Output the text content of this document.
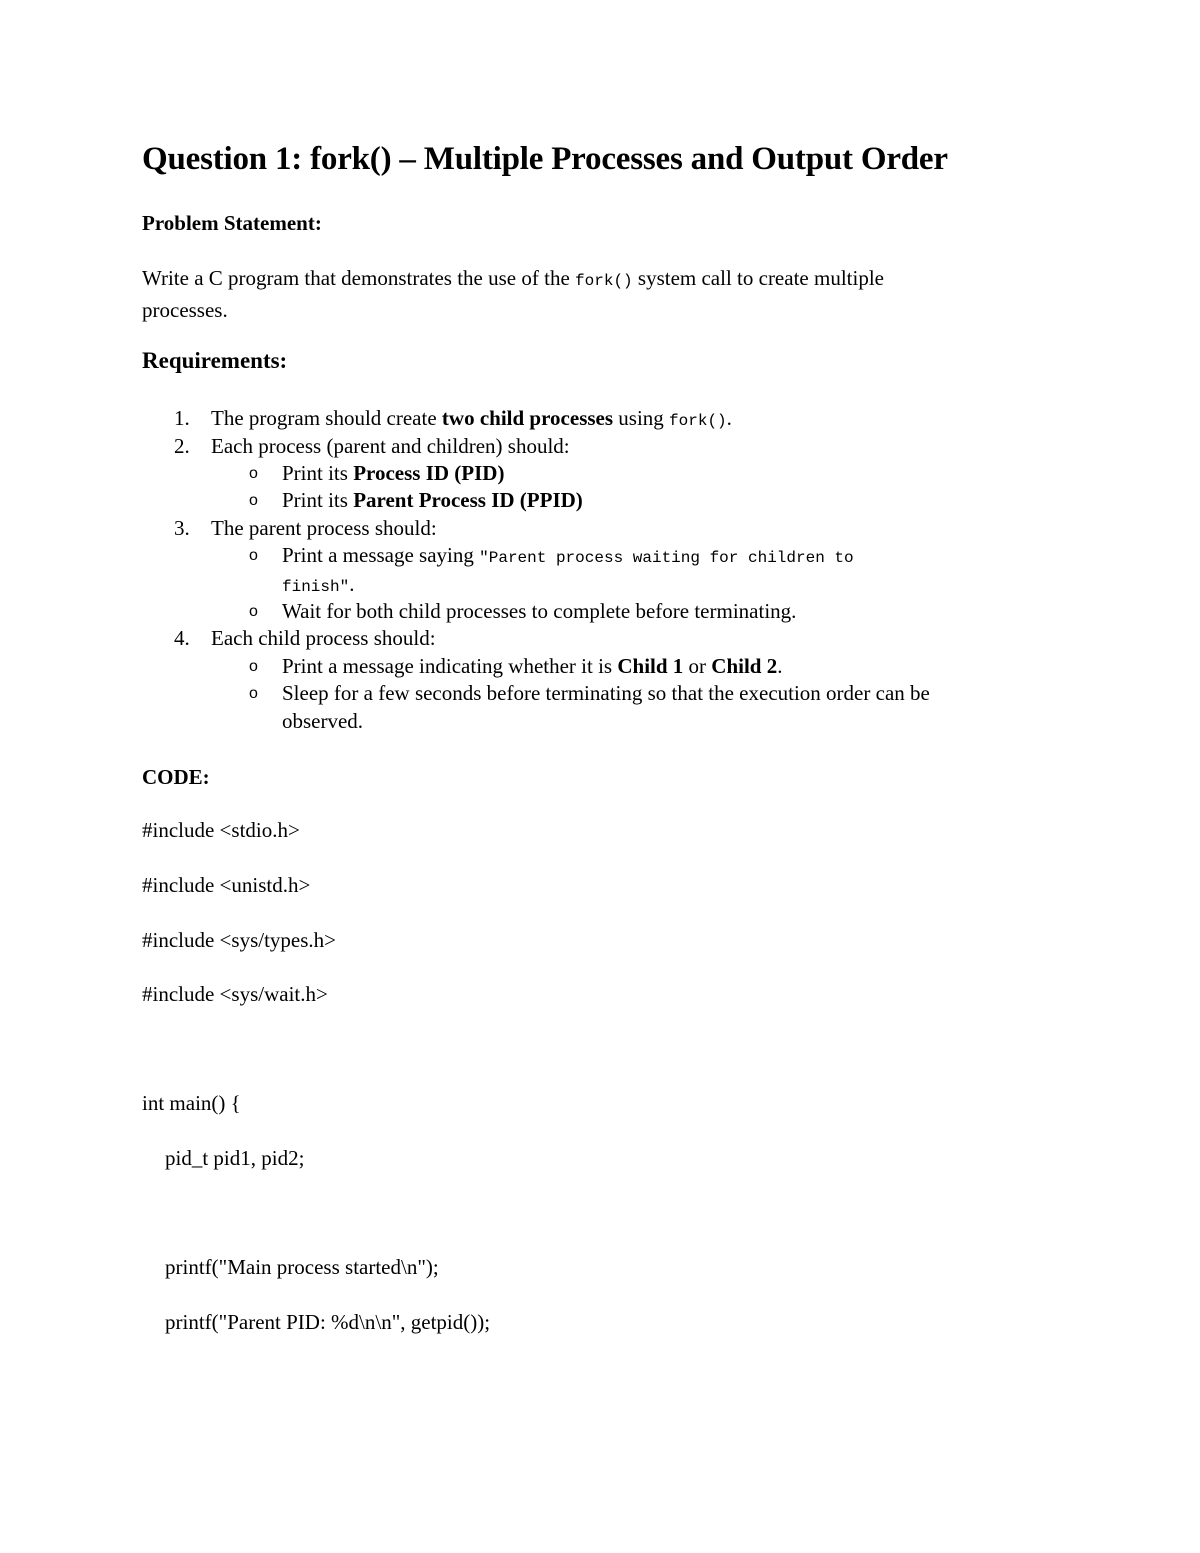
Question 1: fork() – Multiple Processes and Output Order

Problem Statement:

Write a C program that demonstrates the use of the fork() system call to create multiple
processes.

Requirements:
1. The program should create two child processes using fork().
2. Each process (parent and children) should:
o Print its Process ID (PID)
o Print its Parent Process ID (PPID)
3. The parent process should:
o Print a message saying "Parent process waiting for children to
finish".
o Wait for both child processes to complete before terminating.
4. Each child process should:
o Print a message indicating whether it is Child 1 or Child 2.
o Sleep for a few seconds before terminating so that the execution order can be
observed.
CODE:
#include <stdio.h>
#include <unistd.h>
#include <sys/types.h>
#include <sys/wait.h>
int main() {
pid_t pid1, pid2;
printf("Main process started\n");
printf("Parent PID: %d\n\n", getpid());
